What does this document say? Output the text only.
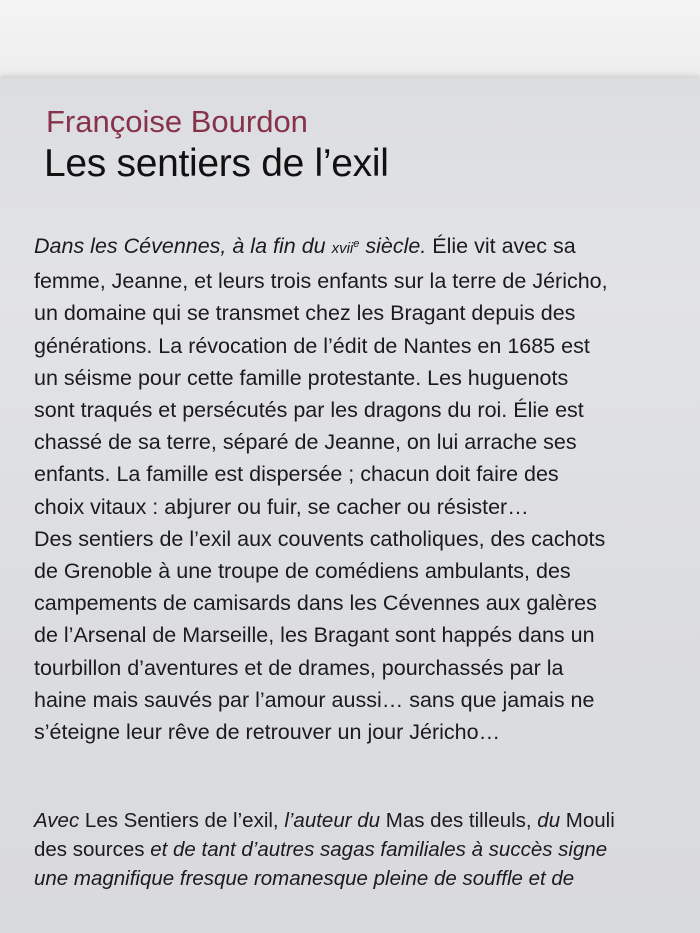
Françoise Bourdon
Les sentiers de l’exil
Dans les Cévennes, à la fin du xvii$^e$ siècle. Élie vit avec sa
femme, Jeanne, et leurs trois enfants sur la terre de Jéricho,
un domaine qui se transmet chez les Bragant depuis des
générations. La révocation de l’édit de Nantes en 1685 est
un séisme pour cette famille protestante. Les huguenots
sont traqués et persécutés par les dragons du roi. Élie est
chassé de sa terre, séparé de Jeanne, on lui arrache ses
enfants. La famille est dispersée ; chacun doit faire des
choix vitaux : abjurer ou fuir, se cacher ou résister…
Des sentiers de l’exil aux couvents catholiques, des cachots
de Grenoble à une troupe de comédiens ambulants, des
campements de camisards dans les Cévennes aux galères
de l’Arsenal de Marseille, les Bragant sont happés dans un
tourbillon d’aventures et de drames, pourchassés par la
haine mais sauvés par l’amour aussi… sans que jamais ne
s’éteigne leur rêve de retrouver un jour Jéricho…
Avec Les Sentiers de l’exil, l’auteur du Mas des tilleuls, du Mouli
des sources et de tant d’autres sagas familiales à succès signe
une magnifique fresque romanesque pleine de souffle et de
